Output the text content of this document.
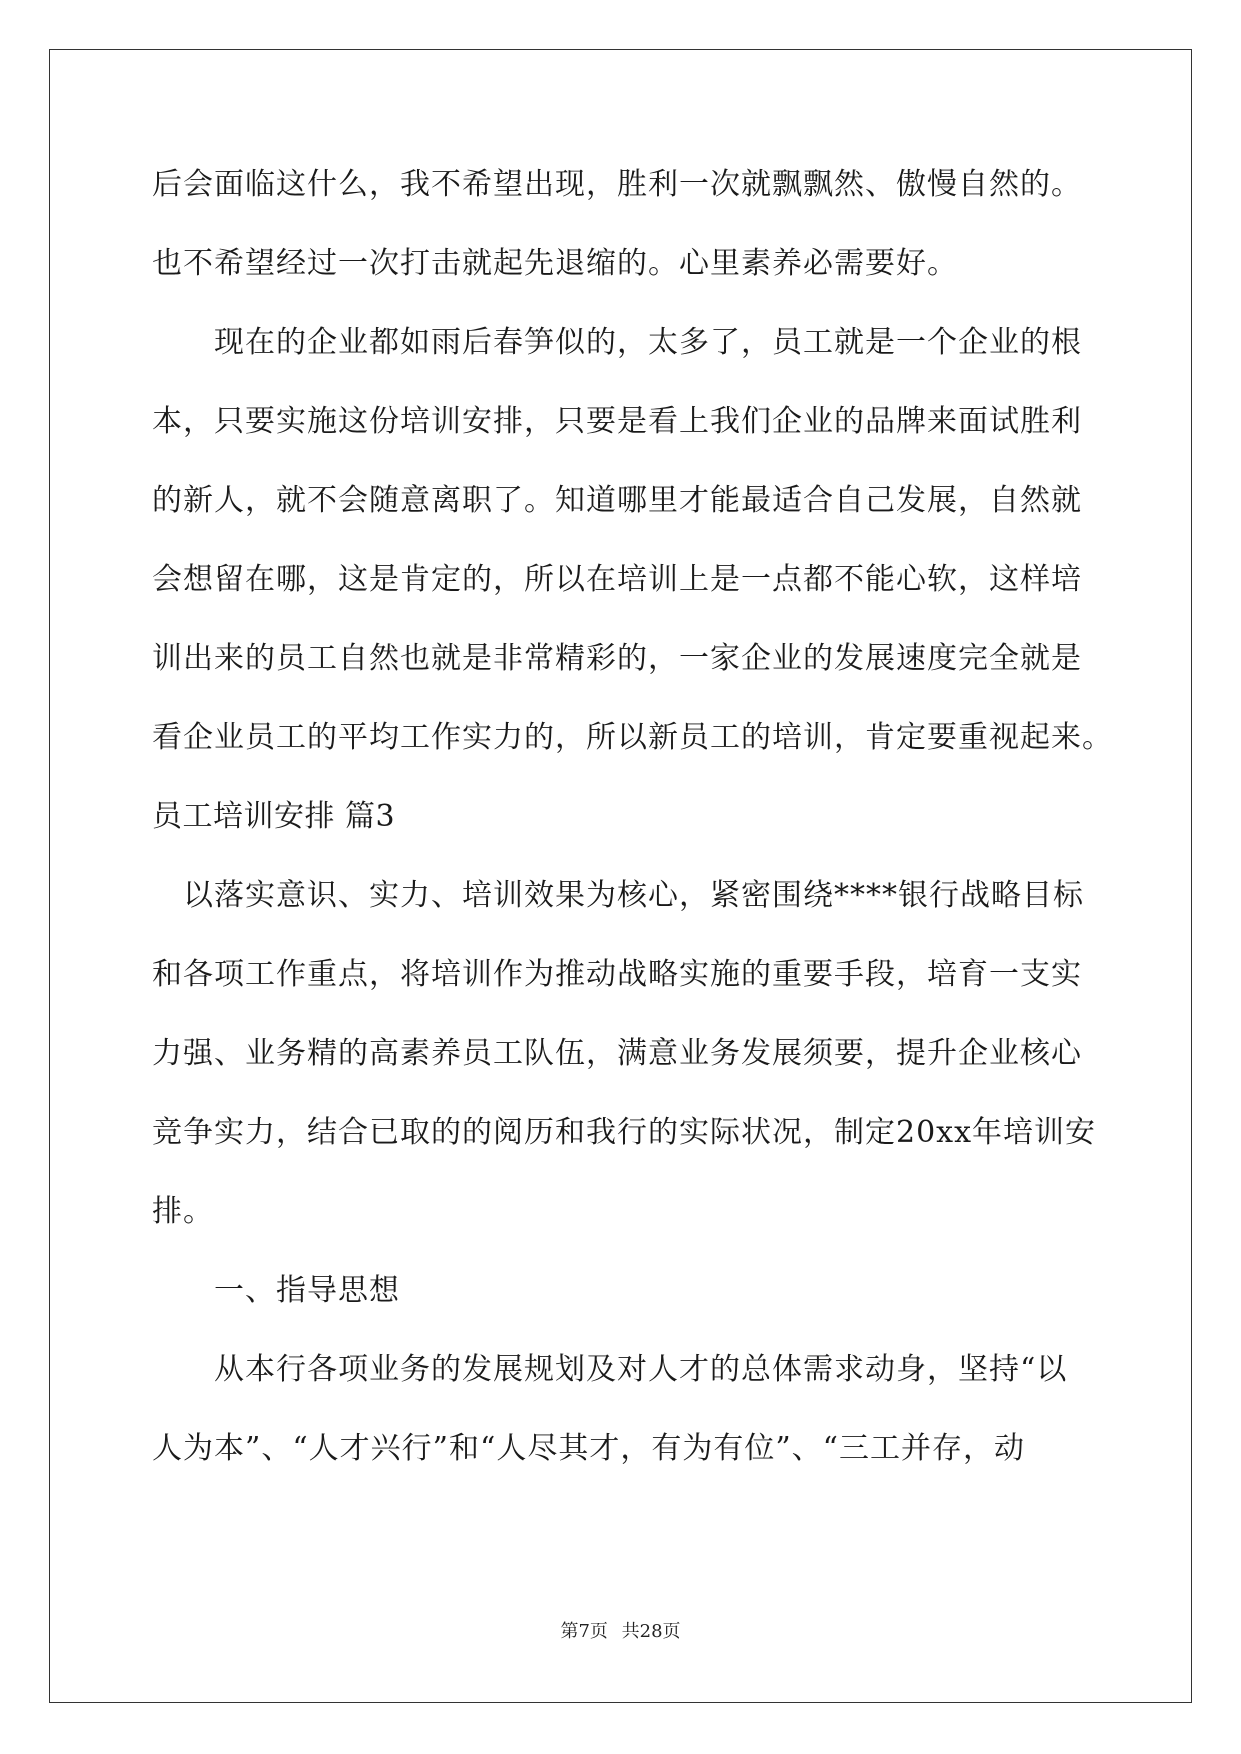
后会面临这什么，我不希望出现，胜利一次就飘飘然、傲慢自然的。
也不希望经过一次打击就起先退缩的。心里素养必需要好。
　　现在的企业都如雨后春笋似的，太多了，员工就是一个企业的根
本，只要实施这份培训安排，只要是看上我们企业的品牌来面试胜利
的新人，就不会随意离职了。知道哪里才能最适合自己发展，自然就
会想留在哪，这是肯定的，所以在培训上是一点都不能心软，这样培
训出来的员工自然也就是非常精彩的，一家企业的发展速度完全就是
看企业员工的平均工作实力的，所以新员工的培训，肯定要重视起来。
员工培训安排 篇3
　以落实意识、实力、培训效果为核心，紧密围绕****银行战略目标
和各项工作重点，将培训作为推动战略实施的重要手段，培育一支实
力强、业务精的高素养员工队伍，满意业务发展须要，提升企业核心
竞争实力，结合已取的的阅历和我行的实际状况，制定20xx年培训安
排。
　　一、指导思想
　　从本行各项业务的发展规划及对人才的总体需求动身，坚持“以
人为本”、“人才兴行”和“人尽其才，有为有位”、“三工并存，动
第7页 共28页
